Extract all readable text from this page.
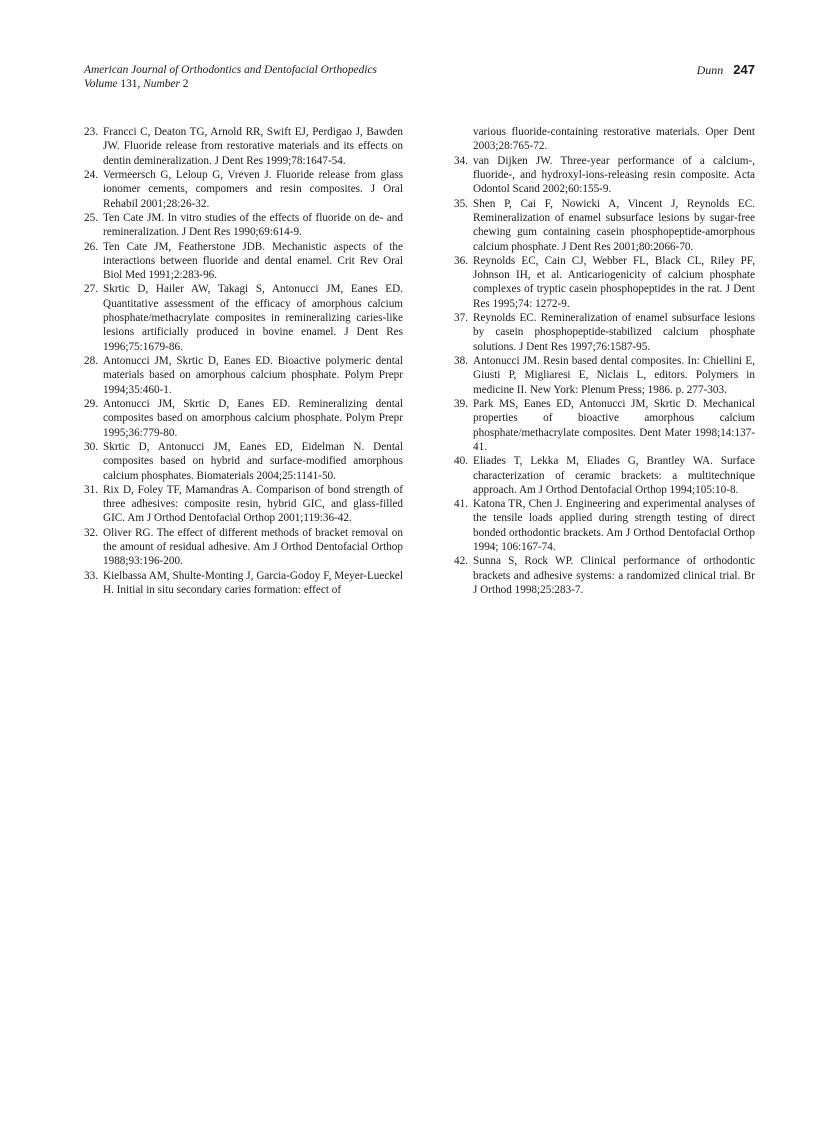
American Journal of Orthodontics and Dentofacial Orthopedics
Volume 131, Number 2
Dunn 247

23. Francci C, Deaton TG, Arnold RR, Swift EJ, Perdigao J, Bawden JW. Fluoride release from restorative materials and its effects on dentin demineralization. J Dent Res 1999;78:1647-54.

24. Vermeersch G, Leloup G, Vreven J. Fluoride release from glass ionomer cements, compomers and resin composites. J Oral Rehabil 2001;28:26-32.

25. Ten Cate JM. In vitro studies of the effects of fluoride on de- and remineralization. J Dent Res 1990;69:614-9.

26. Ten Cate JM, Featherstone JDB. Mechanistic aspects of the interactions between fluoride and dental enamel. Crit Rev Oral Biol Med 1991;2:283-96.

27. Skrtic D, Hailer AW, Takagi S, Antonucci JM, Eanes ED. Quantitative assessment of the efficacy of amorphous calcium phosphate/methacrylate composites in remineralizing caries-like lesions artificially produced in bovine enamel. J Dent Res 1996;75:1679-86.

28. Antonucci JM, Skrtic D, Eanes ED. Bioactive polymeric dental materials based on amorphous calcium phosphate. Polym Prepr 1994;35:460-1.

29. Antonucci JM, Skrtic D, Eanes ED. Remineralizing dental composites based on amorphous calcium phosphate. Polym Prepr 1995;36:779-80.

30. Skrtic D, Antonucci JM, Eanes ED, Eidelman N. Dental composites based on hybrid and surface-modified amorphous calcium phosphates. Biomaterials 2004;25:1141-50.

31. Rix D, Foley TF, Mamandras A. Comparison of bond strength of three adhesives: composite resin, hybrid GIC, and glass-filled GIC. Am J Orthod Dentofacial Orthop 2001;119:36-42.

32. Oliver RG. The effect of different methods of bracket removal on the amount of residual adhesive. Am J Orthod Dentofacial Orthop 1988;93:196-200.

33. Kielbassa AM, Shulte-Monting J, Garcia-Godoy F, Meyer-Lueckel H. Initial in situ secondary caries formation: effect of

various fluoride-containing restorative materials. Oper Dent 2003;28:765-72.

34. van Dijken JW. Three-year performance of a calcium-, fluoride-, and hydroxyl-ions-releasing resin composite. Acta Odontol Scand 2002;60:155-9.

35. Shen P, Cai F, Nowicki A, Vincent J, Reynolds EC. Remineralization of enamel subsurface lesions by sugar-free chewing gum containing casein phosphopeptide-amorphous calcium phosphate. J Dent Res 2001;80:2066-70.

36. Reynolds EC, Cain CJ, Webber FL, Black CL, Riley PF, Johnson IH, et al. Anticariogenicity of calcium phosphate complexes of tryptic casein phosphopeptides in the rat. J Dent Res 1995;74: 1272-9.

37. Reynolds EC. Remineralization of enamel subsurface lesions by casein phosphopeptide-stabilized calcium phosphate solutions. J Dent Res 1997;76:1587-95.

38. Antonucci JM. Resin based dental composites. In: Chiellini E, Giusti P, Migliaresi E, Niclais L, editors. Polymers in medicine II. New York: Plenum Press; 1986. p. 277-303.

39. Park MS, Eanes ED, Antonucci JM, Skrtic D. Mechanical properties of bioactive amorphous calcium phosphate/methacrylate composites. Dent Mater 1998;14:137-41.

40. Eliades T, Lekka M, Eliades G, Brantley WA. Surface characterization of ceramic brackets: a multitechnique approach. Am J Orthod Dentofacial Orthop 1994;105:10-8.

41. Katona TR, Chen J. Engineering and experimental analyses of the tensile loads applied during strength testing of direct bonded orthodontic brackets. Am J Orthod Dentofacial Orthop 1994; 106:167-74.

42. Sunna S, Rock WP. Clinical performance of orthodontic brackets and adhesive systems: a randomized clinical trial. Br J Orthod 1998;25:283-7.
